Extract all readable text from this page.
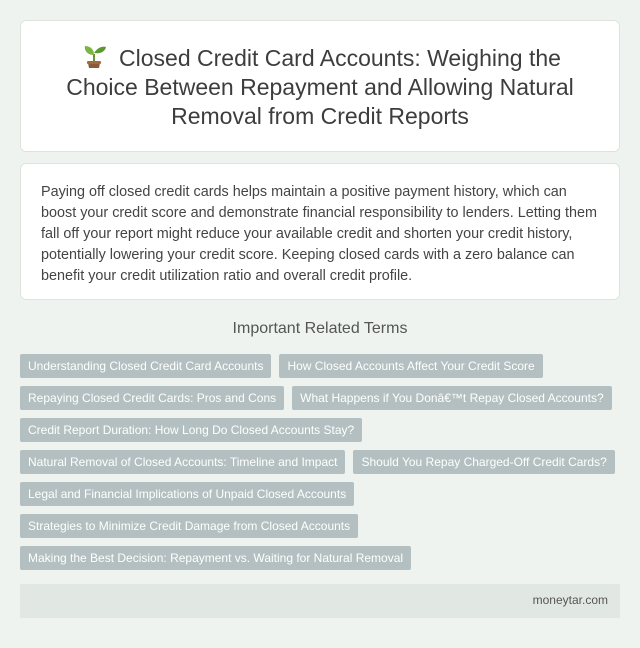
Closed Credit Card Accounts: Weighing the Choice Between Repayment and Allowing Natural Removal from Credit Reports

Paying off closed credit cards helps maintain a positive payment history, which can boost your credit score and demonstrate financial responsibility to lenders. Letting them fall off your report might reduce your available credit and shorten your credit history, potentially lowering your credit score. Keeping closed cards with a zero balance can benefit your credit utilization ratio and overall credit profile.

Important Related Terms
Understanding Closed Credit Card Accounts	How Closed Accounts Affect Your Credit Score
Repaying Closed Credit Cards: Pros and Cons	What Happens if You Donâ€™t Repay Closed Accounts?
Credit Report Duration: How Long Do Closed Accounts Stay?
Natural Removal of Closed Accounts: Timeline and Impact	Should You Repay Charged-Off Credit Cards?
Legal and Financial Implications of Unpaid Closed Accounts
Strategies to Minimize Credit Damage from Closed Accounts
Making the Best Decision: Repayment vs. Waiting for Natural Removal
moneytar.com
